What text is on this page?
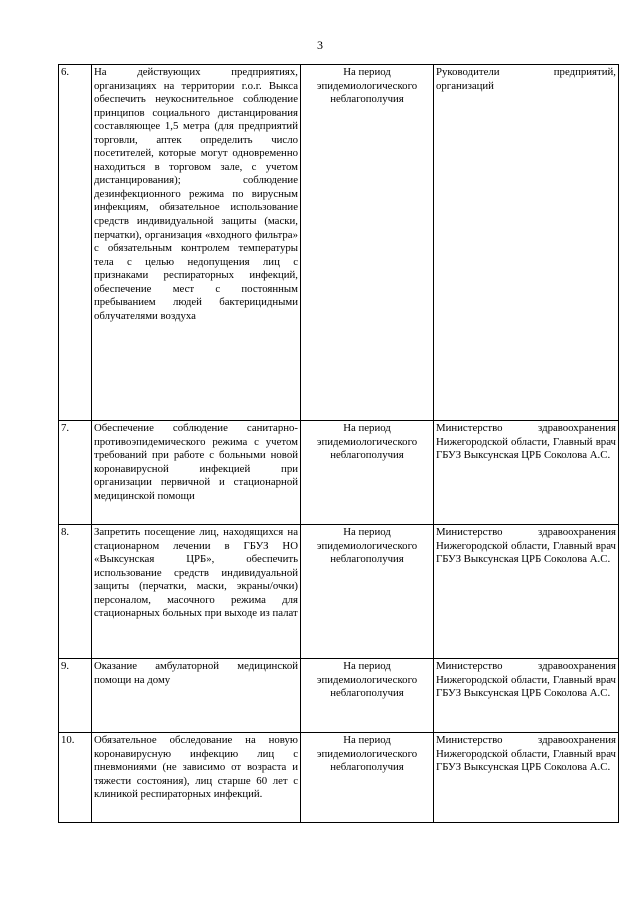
3
6.	На действующих предприятиях, организациях на территории г.о.г. Выкса обеспечить неукоснительное соблюдение принципов социального дистанцирования составляющее 1,5 метра (для предприятий торговли, аптек определить число посетителей, которые могут одновременно находиться в торговом зале, с учетом дистанцирования); соблюдение дезинфекционного режима по вирусным инфекциям, обязательное использование средств индивидуальной защиты (маски, перчатки), организация «входного фильтра» с обязательным контролем температуры тела с целью недопущения лиц с признаками респираторных инфекций, обеспечение мест с постоянным пребыванием людей бактерицидными облучателями воздуха	На период эпидемиологического неблагополучия	Руководители предприятий, организаций
7.	Обеспечение соблюдение санитарно- противоэпидемического режима с учетом требований при работе с больными новой коронавирусной инфекцией при организации первичной и стационарной медицинской помощи	На период эпидемиологического неблагополучия	Министерство здравоохранения Нижегородской области, Главный врач ГБУЗ Выксунская ЦРБ Соколова А.С.
8.	Запретить посещение лиц, находящихся на стационарном лечении в ГБУЗ НО «Выксунская ЦРБ», обеспечить использование средств индивидуальной защиты (перчатки, маски, экраны/очки) персоналом, масочного режима для стационарных больных при выходе из палат	На период эпидемиологического неблагополучия	Министерство здравоохранения Нижегородской области, Главный врач ГБУЗ Выксунская ЦРБ Соколова А.С.
9.	Оказание амбулаторной медицинской помощи на дому	На период эпидемиологического неблагополучия	Министерство здравоохранения Нижегородской области, Главный врач ГБУЗ Выксунская ЦРБ Соколова А.С.
10.	Обязательное обследование на новую коронавирусную инфекцию лиц с пневмониями (не зависимо от возраста и тяжести состояния), лиц старше 60 лет с клиникой респираторных инфекций.	На период эпидемиологического неблагополучия	Министерство здравоохранения Нижегородской области, Главный врач ГБУЗ Выксунская ЦРБ Соколова А.С.
